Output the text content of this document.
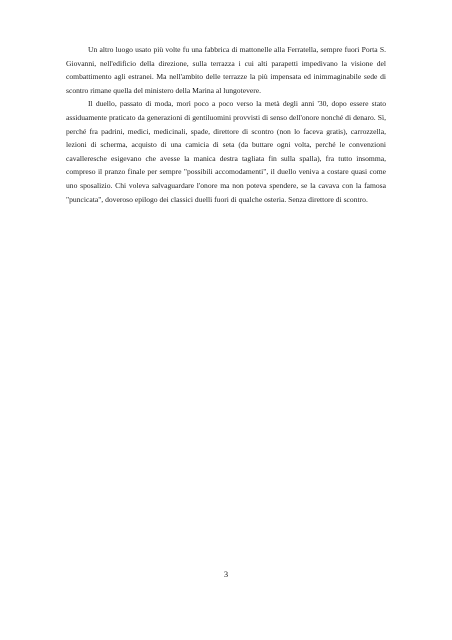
Un altro luogo usato più volte fu una fabbrica di mattonelle alla Ferratella, sempre fuori Porta S. Giovanni, nell'edificio della direzione, sulla terrazza i cui alti parapetti impedivano la visione del combattimento agli estranei. Ma nell'ambito delle terrazze la più impensata ed inimmaginabile sede di scontro rimane quella del ministero della Marina al lungotevere.

Il duello, passato di moda, morì poco a poco verso la metà degli anni '30, dopo essere stato assiduamente praticato da generazioni di gentiluomini provvisti di senso dell'onore nonché di denaro. Sì, perché fra padrini, medici, medicinali, spade, direttore di scontro (non lo faceva gratis), carrozzella, lezioni di scherma, acquisto di una camicia di seta (da buttare ogni volta, perché le convenzioni cavalleresche esigevano che avesse la manica destra tagliata fin sulla spalla), fra tutto insomma, compreso il pranzo finale per sempre "possibili accomodamenti", il duello veniva a costare quasi come uno sposalizio. Chi voleva salvaguardare l'onore ma non poteva spendere, se la cavava con la famosa "puncicata", doveroso epilogo dei classici duelli fuori di qualche osteria. Senza direttore di scontro.

3
